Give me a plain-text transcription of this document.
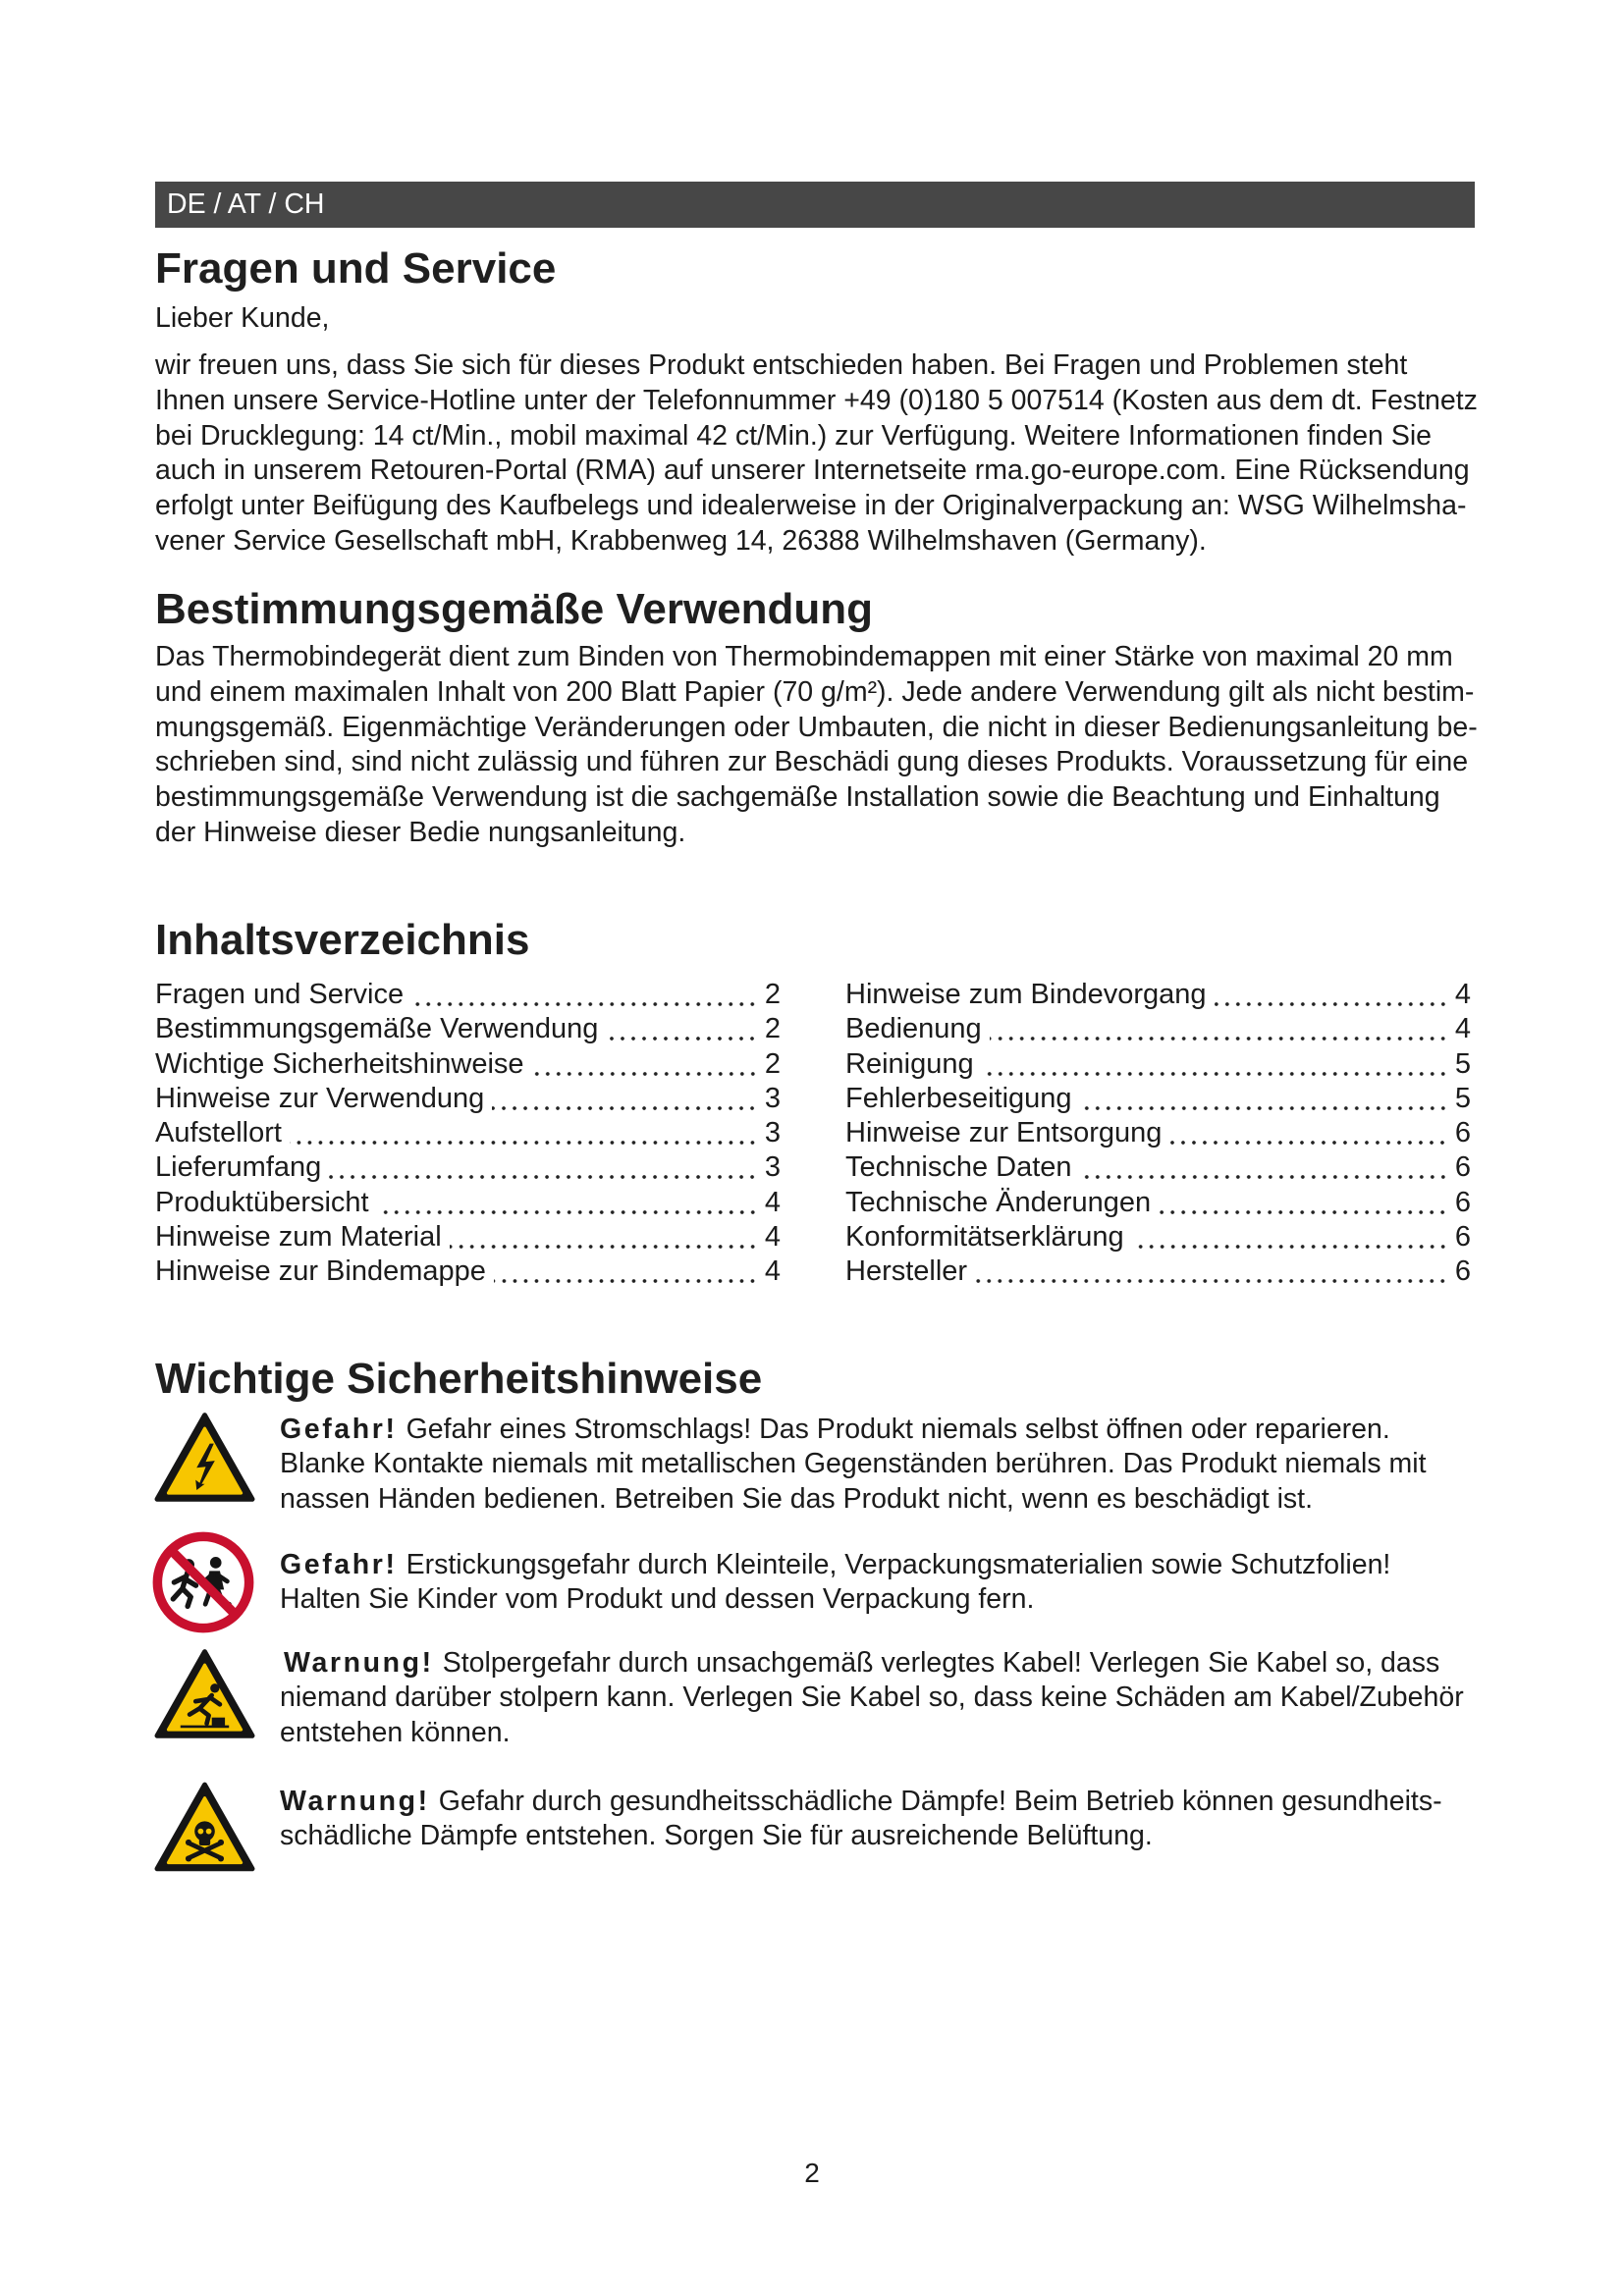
DE / AT / CH
Fragen und Service
Lieber Kunde,
wir freuen uns, dass Sie sich für dieses Produkt entschieden haben. Bei Fragen und Problemen steht
Ihnen unsere Service-Hotline unter der Telefonnummer +49 (0)180 5 007514 (Kosten aus dem dt. Festnetz
bei Drucklegung: 14 ct/Min., mobil maximal 42 ct/Min.) zur Verfügung. Weitere Informationen finden Sie
auch in unserem Retouren-Portal (RMA) auf unserer Internetseite rma.go-europe.com. Eine Rücksendung
erfolgt unter Beifügung des Kaufbelegs und idealerweise in der Originalverpackung an: WSG Wilhelmsha-
vener Service Gesellschaft mbH, Krabbenweg 14, 26388 Wilhelmshaven (Germany).
Bestimmungsgemäße Verwendung
Das Thermobindegerät dient zum Binden von Thermobindemappen mit einer Stärke von maximal 20 mm
und einem maximalen Inhalt von 200 Blatt Papier (70 g/m²). Jede andere Verwendung gilt als nicht bestim-
mungsgemäß. Eigenmächtige Veränderungen oder Umbauten, die nicht in dieser Bedienungsanleitung be-
schrieben sind, sind nicht zulässig und führen zur Beschädi gung dieses Produkts. Voraussetzung für eine
bestimmungsgemäße Verwendung ist die sachgemäße Installation sowie die Beachtung und Einhaltung
der Hinweise dieser Bedie nungsanleitung.
Inhaltsverzeichnis
Fragen und Service	2
Bestimmungsgemäße Verwendung	2
Wichtige Sicherheitshinweise	2
Hinweise zur Verwendung	3
Aufstellort	3
Lieferumfang	3
Produktübersicht	4
Hinweise zum Material	4
Hinweise zur Bindemappe	4
Hinweise zum Bindevorgang	4
Bedienung	4
Reinigung	5
Fehlerbeseitigung	5
Hinweise zur Entsorgung	6
Technische Daten	6
Technische Änderungen	6
Konformitätserklärung	6
Hersteller	6
Wichtige Sicherheitshinweise
Gefahr! Gefahr eines Stromschlags! Das Produkt niemals selbst öffnen oder reparieren.
Blanke Kontakte niemals mit metallischen Gegenständen berühren. Das Produkt niemals mit
nassen Händen bedienen. Betreiben Sie das Produkt nicht, wenn es beschädigt ist.
Gefahr! Erstickungsgefahr durch Kleinteile, Verpackungsmaterialien sowie Schutzfolien!
Halten Sie Kinder vom Produkt und dessen Verpackung fern.
Warnung! Stolpergefahr durch unsachgemäß verlegtes Kabel! Verlegen Sie Kabel so, dass
niemand darüber stolpern kann. Verlegen Sie Kabel so, dass keine Schäden am Kabel/Zubehör
entstehen können.
Warnung! Gefahr durch gesundheitsschädliche Dämpfe! Beim Betrieb können gesundheits-
schädliche Dämpfe entstehen. Sorgen Sie für ausreichende Belüftung.
2
